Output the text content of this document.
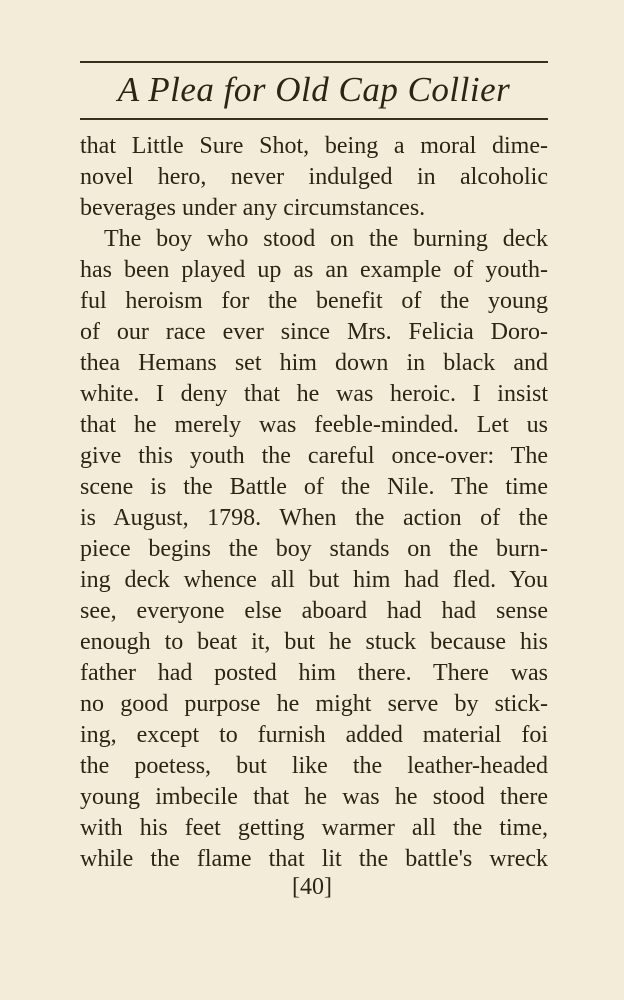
A Plea for Old Cap Collier
that Little Sure Shot, being a moral dime-
novel hero, never indulged in alcoholic
beverages under any circumstances.
The boy who stood on the burning deck
has been played up as an example of youth-
ful heroism for the benefit of the young
of our race ever since Mrs. Felicia Doro-
thea Hemans set him down in black and
white. I deny that he was heroic. I insist
that he merely was feeble-minded. Let us
give this youth the careful once-over: The
scene is the Battle of the Nile. The time
is August, 1798. When the action of the
piece begins the boy stands on the burn-
ing deck whence all but him had fled. You
see, everyone else aboard had had sense
enough to beat it, but he stuck because his
father had posted him there. There was
no good purpose he might serve by stick-
ing, except to furnish added material foi
the poetess, but like the leather-headed
young imbecile that he was he stood there
with his feet getting warmer all the time,
while the flame that lit the battle's wreck
[40]
